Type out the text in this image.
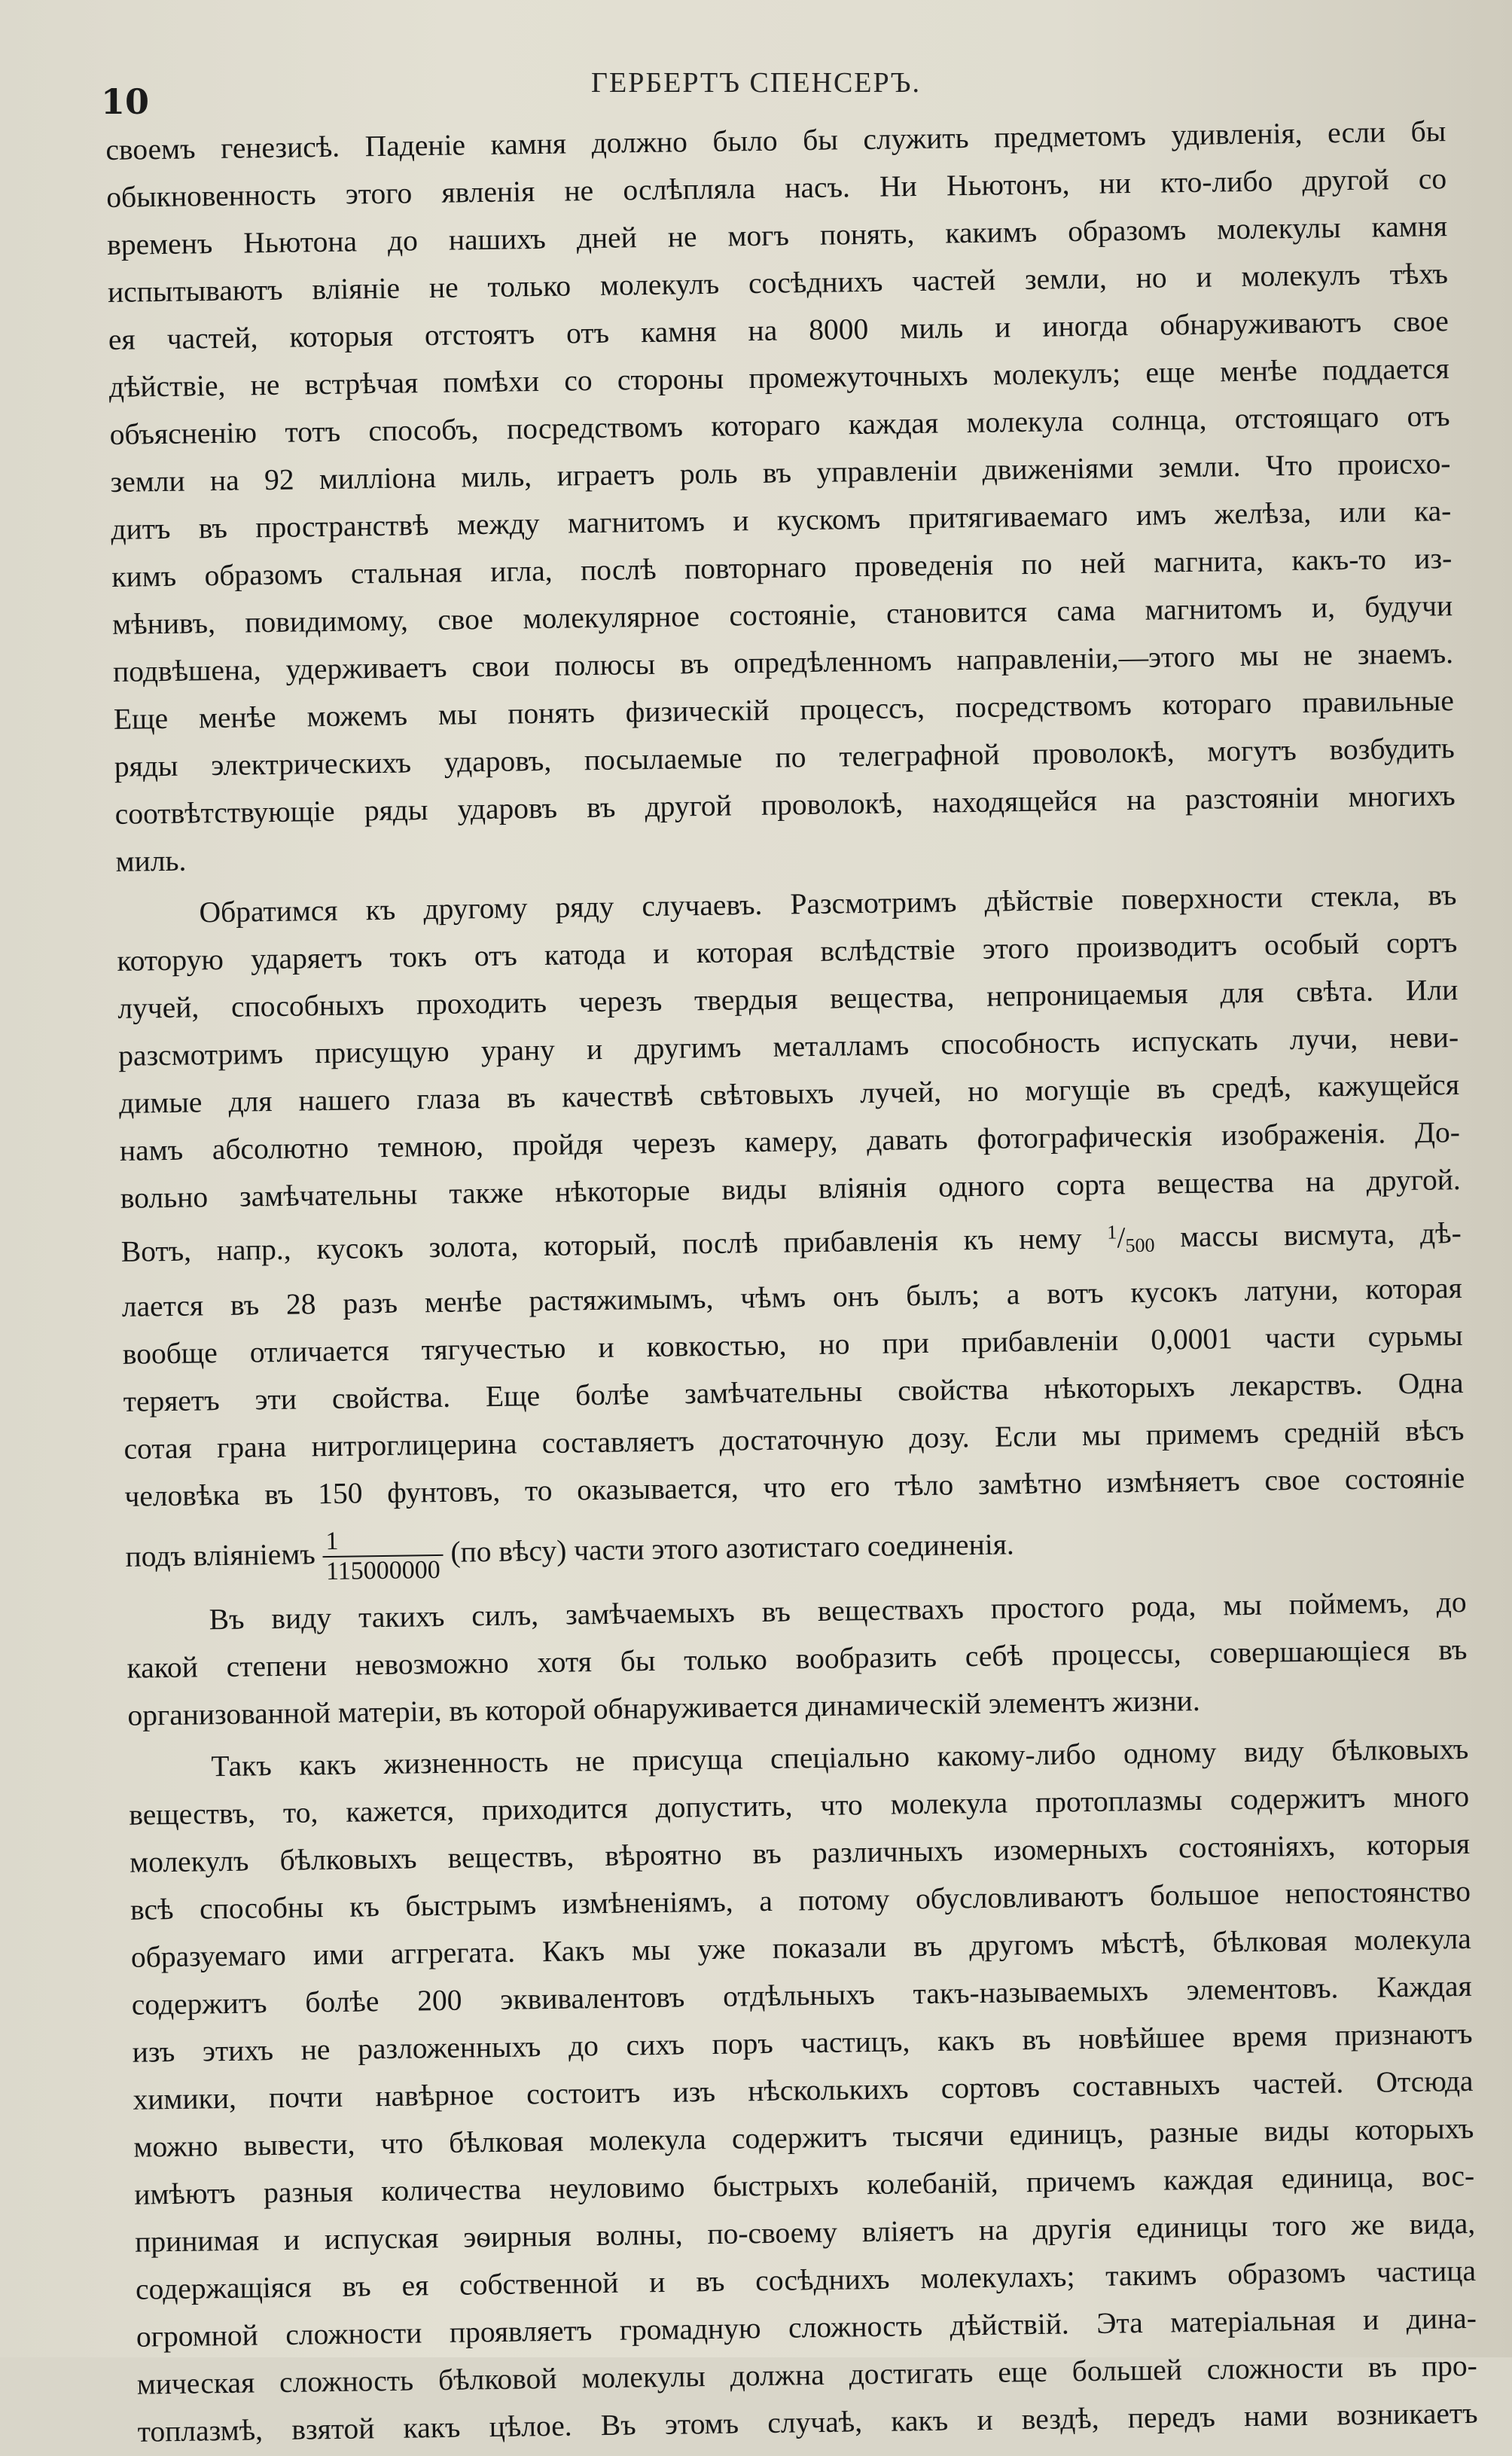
10	ГЕРБЕРТЪ СПЕНСЕРЪ.
своемъ генезисѣ. Паденіе камня должно было бы служить предметомъ удивленія, если бы
обыкновенность этого явленія не ослѣпляла насъ. Ни Ньютонъ, ни кто-либо другой со
временъ Ньютона до нашихъ дней не могъ понять, какимъ образомъ молекулы камня
испытываютъ вліяніе не только молекулъ сосѣднихъ частей земли, но и молекулъ тѣхъ
ея частей, которыя отстоятъ отъ камня на 8000 миль и иногда обнаруживаютъ свое
дѣйствіе, не встрѣчая помѣхи со стороны промежуточныхъ молекулъ; еще менѣе поддается
объясненію тотъ способъ, посредствомъ котораго каждая молекула солнца, отстоящаго отъ
земли на 92 милліона миль, играетъ роль въ управленіи движеніями земли. Что происхо-
дитъ въ пространствѣ между магнитомъ и кускомъ притягиваемаго имъ желѣза, или ка-
кимъ образомъ стальная игла, послѣ повторнаго проведенія по ней магнита, какъ-то из-
мѣнивъ, повидимому, свое молекулярное состояніе, становится сама магнитомъ и, будучи
подвѣшена, удерживаетъ свои полюсы въ опредѣленномъ направленіи,—этого мы не знаемъ.
Еще менѣе можемъ мы понять физическій процессъ, посредствомъ котораго правильные
ряды электрическихъ ударовъ, посылаемые по телеграфной проволокѣ, могутъ возбудить
соотвѣтствующіе ряды ударовъ въ другой проволокѣ, находящейся на разстояніи многихъ
миль.
Обратимся къ другому ряду случаевъ. Разсмотримъ дѣйствіе поверхности стекла, въ
которую ударяетъ токъ отъ катода и которая вслѣдствіе этого производитъ особый сортъ
лучей, способныхъ проходить черезъ твердыя вещества, непроницаемыя для свѣта. Или
разсмотримъ присущую урану и другимъ металламъ способность испускать лучи, неви-
димые для нашего глаза въ качествѣ свѣтовыхъ лучей, но могущіе въ средѣ, кажущейся
намъ абсолютно темною, пройдя черезъ камеру, давать фотографическія изображенія. До-
вольно замѣчательны также нѣкоторые виды вліянія одного сорта вещества на другой.
Вотъ, напр., кусокъ золота, который, послѣ прибавленія къ нему $^1/_{500}$ массы висмута, дѣ-
лается въ 28 разъ менѣе растяжимымъ, чѣмъ онъ былъ; а вотъ кусокъ латуни, которая
вообще отличается тягучестью и ковкостью, но при прибавленіи 0,0001 части сурьмы
теряетъ эти свойства. Еще болѣе замѣчательны свойства нѣкоторыхъ лекарствъ. Одна
сотая грана нитроглицерина составляетъ достаточную дозу. Если мы примемъ средній вѣсъ
человѣка въ 150 фунтовъ, то оказывается, что его тѣло замѣтно измѣняетъ свое состояніе
подъ вліяніемъ $\frac{1}{115000000} (по$ вѣсу) части этого азотистаго соединенія.
Въ виду такихъ силъ, замѣчаемыхъ въ веществахъ простого рода, мы поймемъ, до
какой степени невозможно хотя бы только вообразить себѣ процессы, совершающіеся въ
организованной матеріи, въ которой обнаруживается динамическій элементъ жизни.
Такъ какъ жизненность не присуща спеціально какому-либо одному виду бѣлковыхъ
веществъ, то, кажется, приходится допустить, что молекула протоплазмы содержитъ много
молекулъ бѣлковыхъ веществъ, вѣроятно въ различныхъ изомерныхъ состояніяхъ, которыя
всѣ способны къ быстрымъ измѣненіямъ, а потому обусловливаютъ большое непостоянство
образуемаго ими аггрегата. Какъ мы уже показали въ другомъ мѣстѣ, бѣлковая молекула
содержитъ болѣе 200 эквивалентовъ отдѣльныхъ такъ-называемыхъ элементовъ. Каждая
изъ этихъ не разложенныхъ до сихъ поръ частицъ, какъ въ новѣйшее время признаютъ
химики, почти навѣрное состоитъ изъ нѣсколькихъ сортовъ составныхъ частей. Отсюда
можно вывести, что бѣлковая молекула содержитъ тысячи единицъ, разные виды которыхъ
имѣютъ разныя количества неуловимо быстрыхъ колебаній, причемъ каждая единица, вос-
принимая и испуская эѳирныя волны, по-своему вліяетъ на другія единицы того же вида,
содержащіяся въ ея собственной и въ сосѣднихъ молекулахъ; такимъ образомъ частица
огромной сложности проявляетъ громадную сложность дѣйствій. Эта матеріальная и дина-
мическая сложность бѣлковой молекулы должна достигать еще большей сложности въ про-
топлазмѣ, взятой какъ цѣлое. Въ этомъ случаѣ, какъ и вездѣ, передъ нами возникаетъ
